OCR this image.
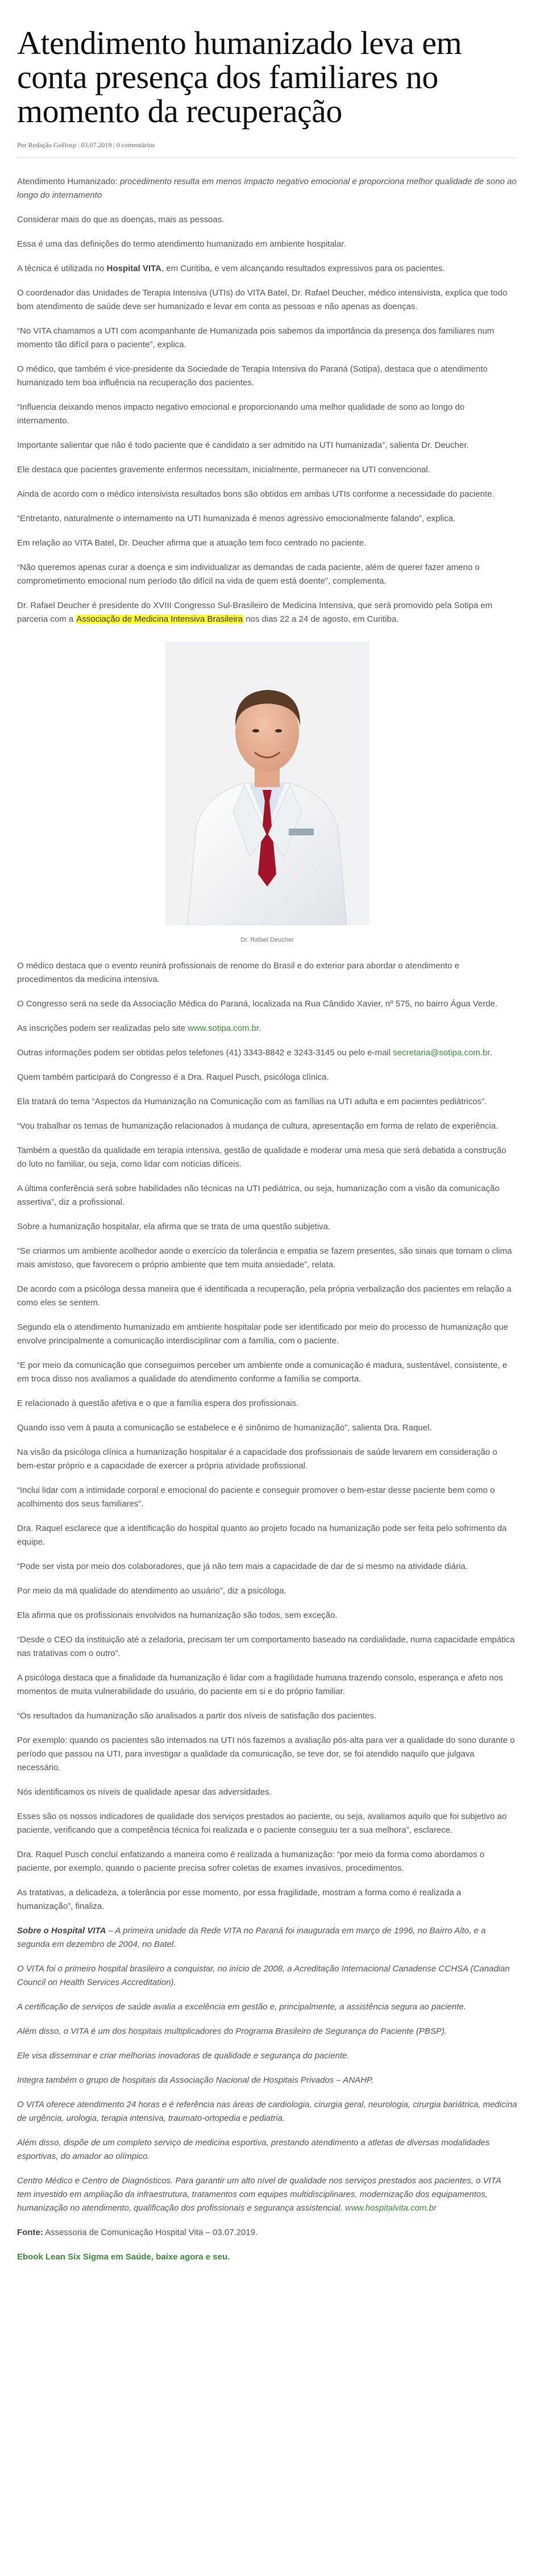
Atendimento humanizado leva em conta presença dos familiares no momento da recuperação
Por Redação GoHosp | 03.07.2019 | 0 comentários

Atendimento Humanizado: procedimento resulta em menos impacto negativo emocional e proporciona melhor qualidade de sono ao longo do internamento

Considerar mais do que as doenças, mais as pessoas.

Essa é uma das definições do termo atendimento humanizado em ambiente hospitalar.

A técnica é utilizada no Hospital VITA, em Curitiba, e vem alcançando resultados expressivos para os pacientes.

O coordenador das Unidades de Terapia Intensiva (UTIs) do VITA Batel, Dr. Rafael Deucher, médico intensivista, explica que todo bom atendimento de saúde deve ser humanizado e levar em conta as pessoas e não apenas as doenças.

“No VITA chamamos a UTI com acompanhante de Humanizada pois sabemos da importância da presença dos familiares num momento tão difícil para o paciente”, explica.

O médico, que também é vice-presidente da Sociedade de Terapia Intensiva do Paraná (Sotipa), destaca que o atendimento humanizado tem boa influência na recuperação dos pacientes.

“Influencia deixando menos impacto negativo emocional e proporcionando uma melhor qualidade de sono ao longo do internamento.

Importante salientar que não é todo paciente que é candidato a ser admitido na UTI humanizada”, salienta Dr. Deucher.

Ele destaca que pacientes gravemente enfermos necessitam, inicialmente, permanecer na UTI convencional.

Ainda de acordo com o médico intensivista resultados bons são obtidos em ambas UTIs conforme a necessidade do paciente.

“Entretanto, naturalmente o internamento na UTI humanizada é menos agressivo emocionalmente falando”, explica.

Em relação ao VITA Batel, Dr. Deucher afirma que a atuação tem foco centrado no paciente.

“Não queremos apenas curar a doença e sim individualizar as demandas de cada paciente, além de querer fazer ameno o comprometimento emocional num período tão difícil na vida de quem está doente”, complementa.

Dr. Rafael Deucher é presidente do XVIII Congresso Sul-Brasileiro de Medicina Intensiva, que será promovido pela Sotipa em parceria com a Associação de Medicina Intensiva Brasileira nos dias 22 a 24 de agosto, em Curitiba.

Dr. Rafael Deucher

O médico destaca que o evento reunirá profissionais de renome do Brasil e do exterior para abordar o atendimento e procedimentos da medicina intensiva.

O Congresso será na sede da Associação Médica do Paraná, localizada na Rua Cândido Xavier, nº 575, no bairro Água Verde.

As inscrições podem ser realizadas pelo site www.sotipa.com.br.

Outras informações podem ser obtidas pelos telefones (41) 3343-8842 e 3243-3145 ou pelo e-mail secretaria@sotipa.com.br.

Quem também participará do Congresso é a Dra. Raquel Pusch, psicóloga clínica.

Ela tratará do tema “Aspectos da Humanização na Comunicação com as famílias na UTI adulta e em pacientes pediátricos”.

“Vou trabalhar os temas de humanização relacionados à mudança de cultura, apresentação em forma de relato de experiência.

Também a questão da qualidade em terapia intensiva, gestão de qualidade e moderar uma mesa que será debatida a construção do luto no familiar, ou seja, como lidar com notícias difíceis.

A última conferência será sobre habilidades não técnicas na UTI pediátrica, ou seja, humanização com a visão da comunicação assertiva”, diz a profissional.

Sobre a humanização hospitalar, ela afirma que se trata de uma questão subjetiva.

“Se criarmos um ambiente acolhedor aonde o exercício da tolerância e empatia se fazem presentes, são sinais que tornam o clima mais amistoso, que favorecem o próprio ambiente que tem muita ansiedade”, relata.

De acordo com a psicóloga dessa maneira que é identificada a recuperação, pela própria verbalização dos pacientes em relação a como eles se sentem.

Segundo ela o atendimento humanizado em ambiente hospitalar pode ser identificado por meio do processo de humanização que envolve principalmente a comunicação interdisciplinar com a família, com o paciente.

“E por meio da comunicação que conseguimos perceber um ambiente onde a comunicação é madura, sustentável, consistente, e em troca disso nos avaliamos a qualidade do atendimento conforme a família se comporta.

E relacionado à questão afetiva e o que a família espera dos profissionais.

Quando isso vem à pauta a comunicação se estabelece e é sinônimo de humanização”, salienta Dra. Raquel.

Na visão da psicóloga clínica a humanização hospitalar é a capacidade dos profissionais de saúde levarem em consideração o bem-estar próprio e a capacidade de exercer a própria atividade profissional.

“Inclui lidar com a intimidade corporal e emocional do paciente e conseguir promover o bem-estar desse paciente bem como o acolhimento dos seus familiares”.

Dra. Raquel esclarece que a identificação do hospital quanto ao projeto focado na humanização pode ser feita pelo sofrimento da equipe.

“Pode ser vista por meio dos colaboradores, que já não tem mais a capacidade de dar de si mesmo na atividade diária.

Por meio da má qualidade do atendimento ao usuário”, diz a psicóloga.

Ela afirma que os profissionais envolvidos na humanização são todos, sem exceção.

“Desde o CEO da instituição até a zeladoria, precisam ter um comportamento baseado na cordialidade, numa capacidade empática nas tratativas com o outro”.

A psicóloga destaca que a finalidade da humanização é lidar com a fragilidade humana trazendo consolo, esperança e afeto nos momentos de muita vulnerabilidade do usuário, do paciente em si e do próprio familiar.

“Os resultados da humanização são analisados a partir dos níveis de satisfação dos pacientes.

Por exemplo: quando os pacientes são internados na UTI nós fazemos a avaliação pós-alta para ver a qualidade do sono durante o período que passou na UTI, para investigar a qualidade da comunicação, se teve dor, se foi atendido naquilo que julgava necessário.

Nós identificamos os níveis de qualidade apesar das adversidades.

Esses são os nossos indicadores de qualidade dos serviços prestados ao paciente, ou seja, avaliamos aquilo que foi subjetivo ao paciente, verificando que a competência técnica foi realizada e o paciente conseguiu ter a sua melhora”, esclarece.

Dra. Raquel Pusch concluí enfatizando a maneira como é realizada a humanização: “por meio da forma como abordamos o paciente, por exemplo, quando o paciente precisa sofrer coletas de exames invasivos, procedimentos.

As tratativas, a delicadeza, a tolerância por esse momento, por essa fragilidade, mostram a forma como é realizada a humanização”, finaliza.

Sobre o Hospital VITA – A primeira unidade da Rede VITA no Paraná foi inaugurada em março de 1996, no Bairro Alto, e a segunda em dezembro de 2004, no Batel.

O VITA foi o primeiro hospital brasileiro a conquistar, no início de 2008, a Acreditação Internacional Canadense CCHSA (Canadian Council on Health Services Accreditation).

A certificação de serviços de saúde avalia a excelência em gestão e, principalmente, a assistência segura ao paciente.

Além disso, o VITA é um dos hospitais multiplicadores do Programa Brasileiro de Segurança do Paciente (PBSP).

Ele visa disseminar e criar melhorias inovadoras de qualidade e segurança do paciente.

Integra também o grupo de hospitais da Associação Nacional de Hospitais Privados – ANAHP.

O VITA oferece atendimento 24 horas e é referência nas áreas de cardiologia, cirurgia geral, neurologia, cirurgia bariátrica, medicina de urgência, urologia, terapia intensiva, traumato-ortopedia e pediatria.

Além disso, dispõe de um completo serviço de medicina esportiva, prestando atendimento a atletas de diversas modalidades esportivas, do amador ao olímpico.

Centro Médico e Centro de Diagnósticos. Para garantir um alto nível de qualidade nos serviços prestados aos pacientes, o VITA tem investido em ampliação da infraestrutura, tratamentos com equipes multidisciplinares, modernização dos equipamentos, humanização no atendimento, qualificação dos profissionais e segurança assistencial. www.hospitalvita.com.br

Fonte: Assessoria de Comunicação Hospital Vita – 03.07.2019.

Ebook Lean Six Sigma em Saúde, baixe agora e seu.
